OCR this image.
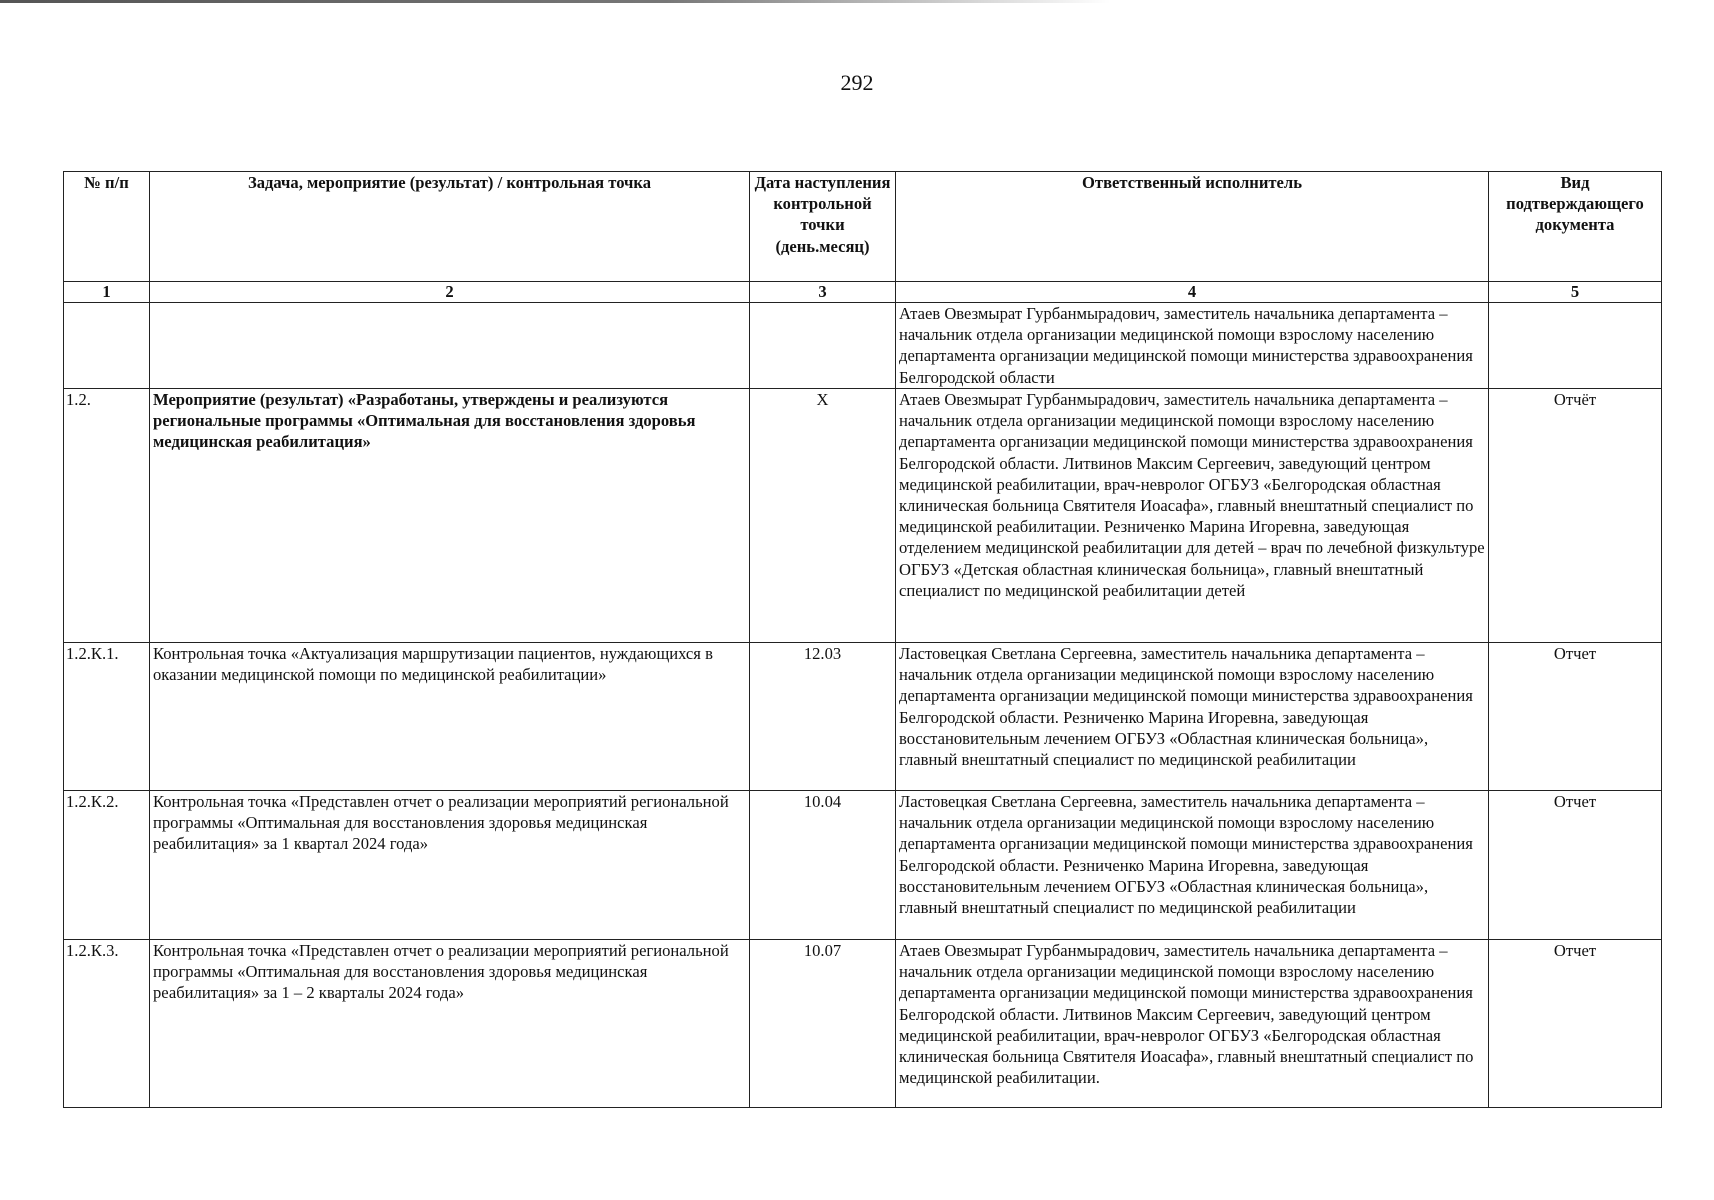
292
№ п/п	Задача, мероприятие (результат) / контрольная точка	Дата наступления контрольной точки (день.месяц)	Ответственный исполнитель	Вид подтверждающего документа
1	2	3	4	5
			Атаев Овезмырат Гурбанмырадович, заместитель начальника департамента – начальник отдела организации медицинской помощи взрослому населению департамента организации медицинской помощи министерства здравоохранения Белгородской области	
1.2.	Мероприятие (результат) «Разработаны, утверждены и реализуются региональные программы «Оптимальная для восстановления здоровья медицинская реабилитация»	X	Атаев Овезмырат Гурбанмырадович, заместитель начальника департамента – начальник отдела организации медицинской помощи взрослому населению департамента организации медицинской помощи министерства здравоохранения Белгородской области. Литвинов Максим Сергеевич, заведующий центром медицинской реабилитации, врач-невролог ОГБУЗ «Белгородская областная клиническая больница Святителя Иоасафа», главный внештатный специалист по медицинской реабилитации. Резниченко Марина Игоревна, заведующая отделением медицинской реабилитации для детей – врач по лечебной физкультуре ОГБУЗ «Детская областная клиническая больница», главный внештатный специалист по медицинской реабилитации детей	Отчёт
1.2.К.1.	Контрольная точка «Актуализация маршрутизации пациентов, нуждающихся в оказании медицинской помощи по медицинской реабилитации»	12.03	Ластовецкая Светлана Сергеевна, заместитель начальника департамента – начальник отдела организации медицинской помощи взрослому населению департамента организации медицинской помощи министерства здравоохранения Белгородской области. Резниченко Марина Игоревна, заведующая восстановительным лечением ОГБУЗ «Областная клиническая больница», главный внештатный специалист по медицинской реабилитации	Отчет
1.2.К.2.	Контрольная точка «Представлен отчет о реализации мероприятий региональной программы «Оптимальная для восстановления здоровья медицинская реабилитация» за 1 квартал 2024 года»	10.04	Ластовецкая Светлана Сергеевна, заместитель начальника департамента – начальник отдела организации медицинской помощи взрослому населению департамента организации медицинской помощи министерства здравоохранения Белгородской области. Резниченко Марина Игоревна, заведующая восстановительным лечением ОГБУЗ «Областная клиническая больница», главный внештатный специалист по медицинской реабилитации	Отчет
1.2.К.3.	Контрольная точка «Представлен отчет о реализации мероприятий региональной программы «Оптимальная для восстановления здоровья медицинская реабилитация» за 1 – 2 кварталы 2024 года»	10.07	Атаев Овезмырат Гурбанмырадович, заместитель начальника департамента – начальник отдела организации медицинской помощи взрослому населению департамента организации медицинской помощи министерства здравоохранения Белгородской области. Литвинов Максим Сергеевич, заведующий центром медицинской реабилитации, врач-невролог ОГБУЗ «Белгородская областная клиническая больница Святителя Иоасафа», главный внештатный специалист по медицинской реабилитации.	Отчет
